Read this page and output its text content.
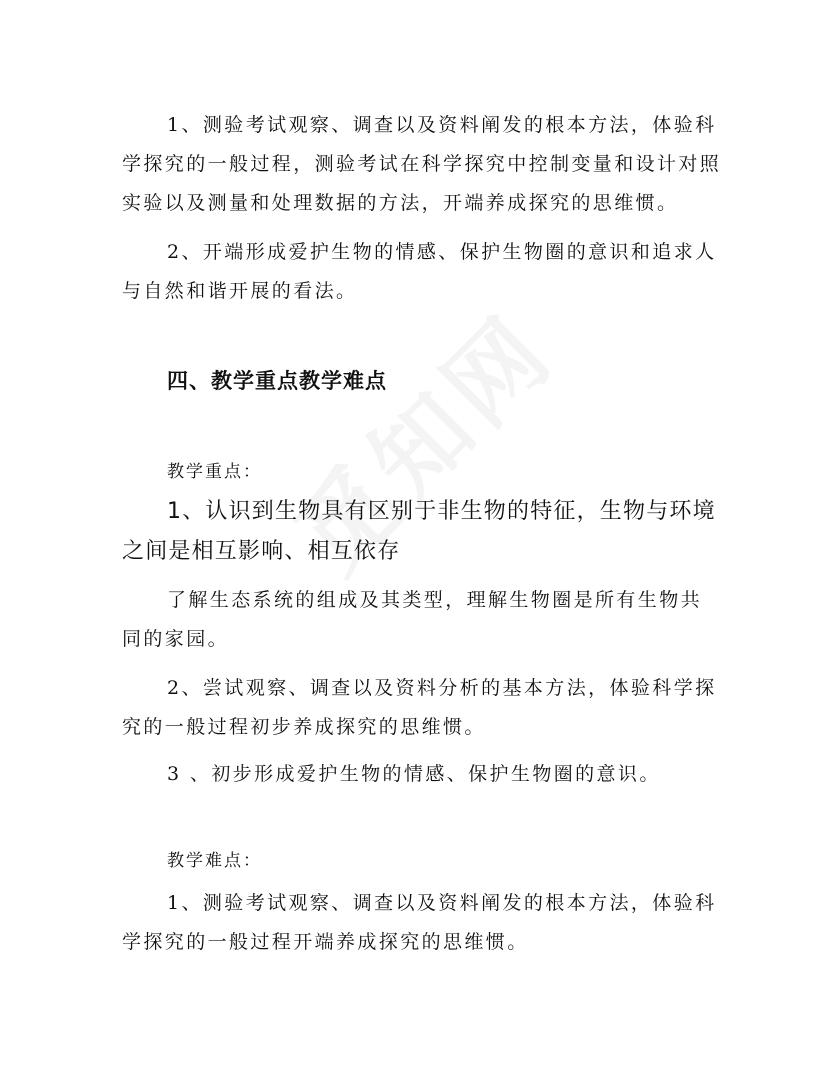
1、测验考试观察、调查以及资料阐发的根本方法，体验科学探究的一般过程，测验考试在科学探究中控制变量和设计对照实验以及测量和处理数据的方法，开端养成探究的思维惯。

2、开端形成爱护生物的情感、保护生物圈的意识和追求人与自然和谐开展的看法。

四、教学重点教学难点

教学重点：

1、认识到生物具有区别于非生物的特征，生物与环境之间是相互影响、相互依存

了解生态系统的组成及其类型，理解生物圈是所有生物共同的家园。

2、尝试观察、调查以及资料分析的基本方法，体验科学探究的一般过程初步养成探究的思维惯。

3 、初步形成爱护生物的情感、保护生物圈的意识。

教学难点：

1、测验考试观察、调查以及资料阐发的根本方法，体验科学探究的一般过程开端养成探究的思维惯。
